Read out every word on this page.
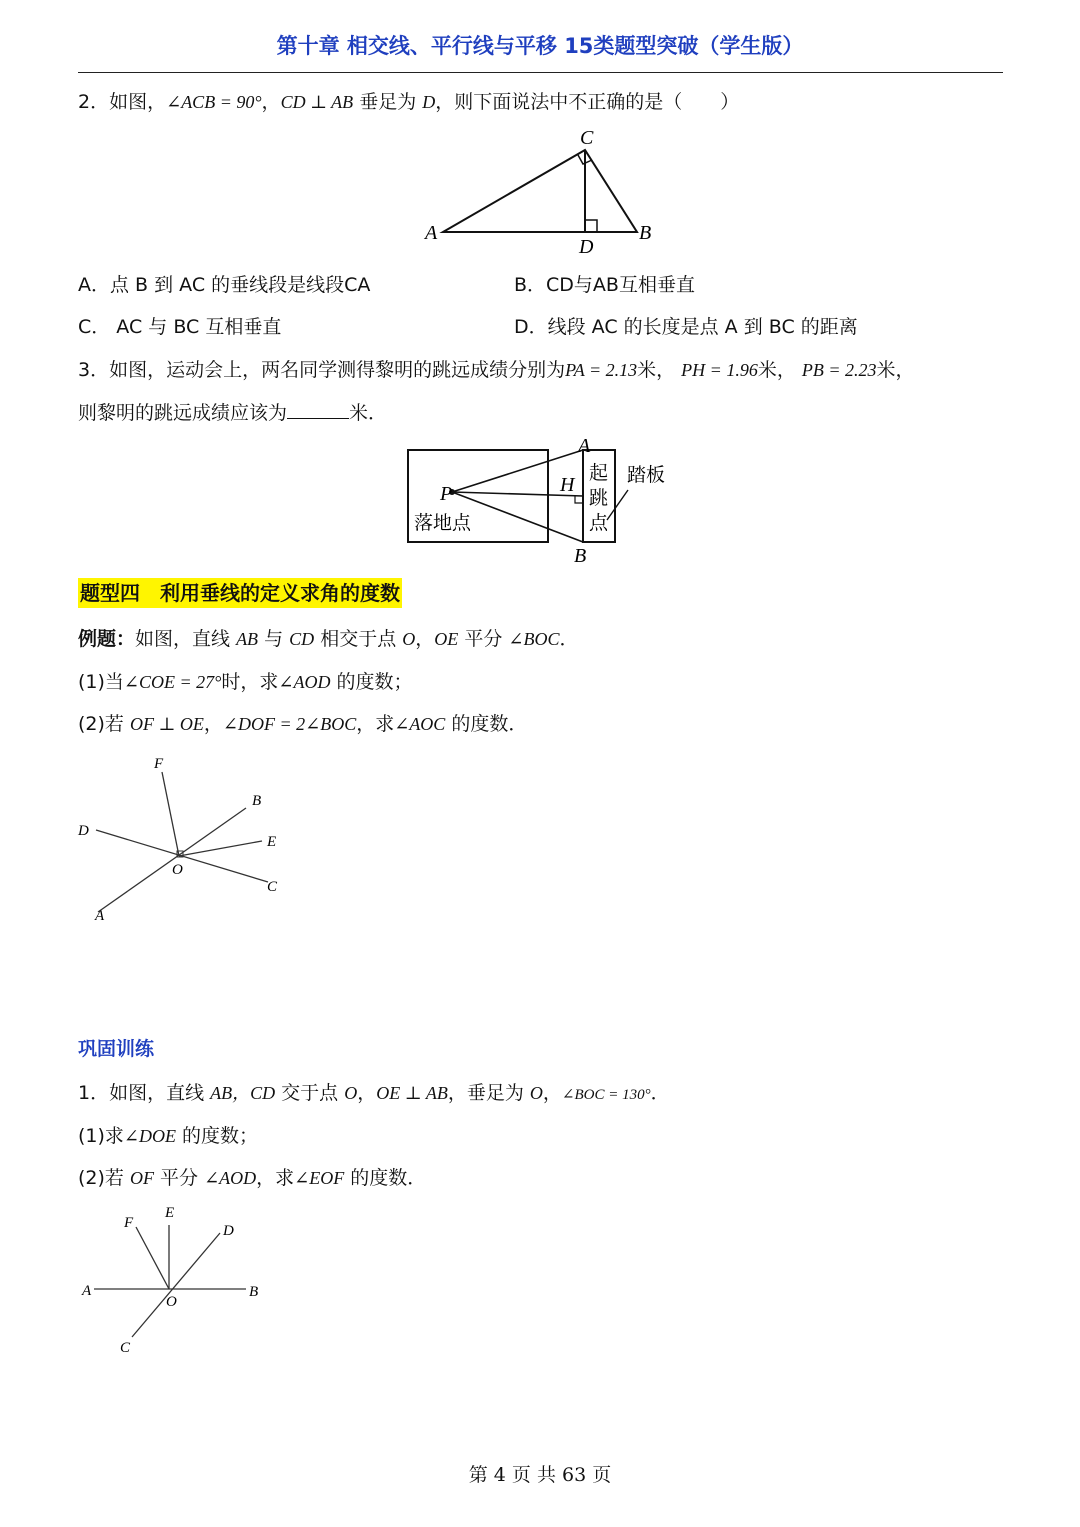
第十章 相交线、平行线与平移 15类题型突破（学生版）
2．如图，∠ACB = 90°，CD ⊥ AB 垂足为 D，则下面说法中不正确的是（　　）
C
A	B
D
A．点 B 到 AC 的垂线段是线段CA	B．CD与AB互相垂直
C． AC 与 BC 互相垂直	D．线段 AC 的长度是点 A 到 BC 的距离
3．如图，运动会上，两名同学测得黎明的跳远成绩分别为PA = 2.13米， PH = 1.96米， PB = 2.23米，
则黎明的跳远成绩应该为	米．
A
B
P	H
落地点
起
跳
点
踏板
题型四　利用垂线的定义求角的度数
例题：如图，直线 AB 与 CD 相交于点 O，OE 平分 ∠BOC．
(1)当∠COE = 27°时，求∠AOD 的度数；
(2)若 OF ⊥ OE，∠DOF = 2∠BOC，求∠AOC 的度数．
F
B
D
E
O
C
A
巩固训练
1．如图，直线 AB，CD 交于点 O，OE ⊥ AB，垂足为 O，∠BOC = 130°．
(1)求∠DOE 的度数；
(2)若 OF 平分 ∠AOD，求∠EOF 的度数．
F
E
D
A
O
B
C
第 4 页 共 63 页
